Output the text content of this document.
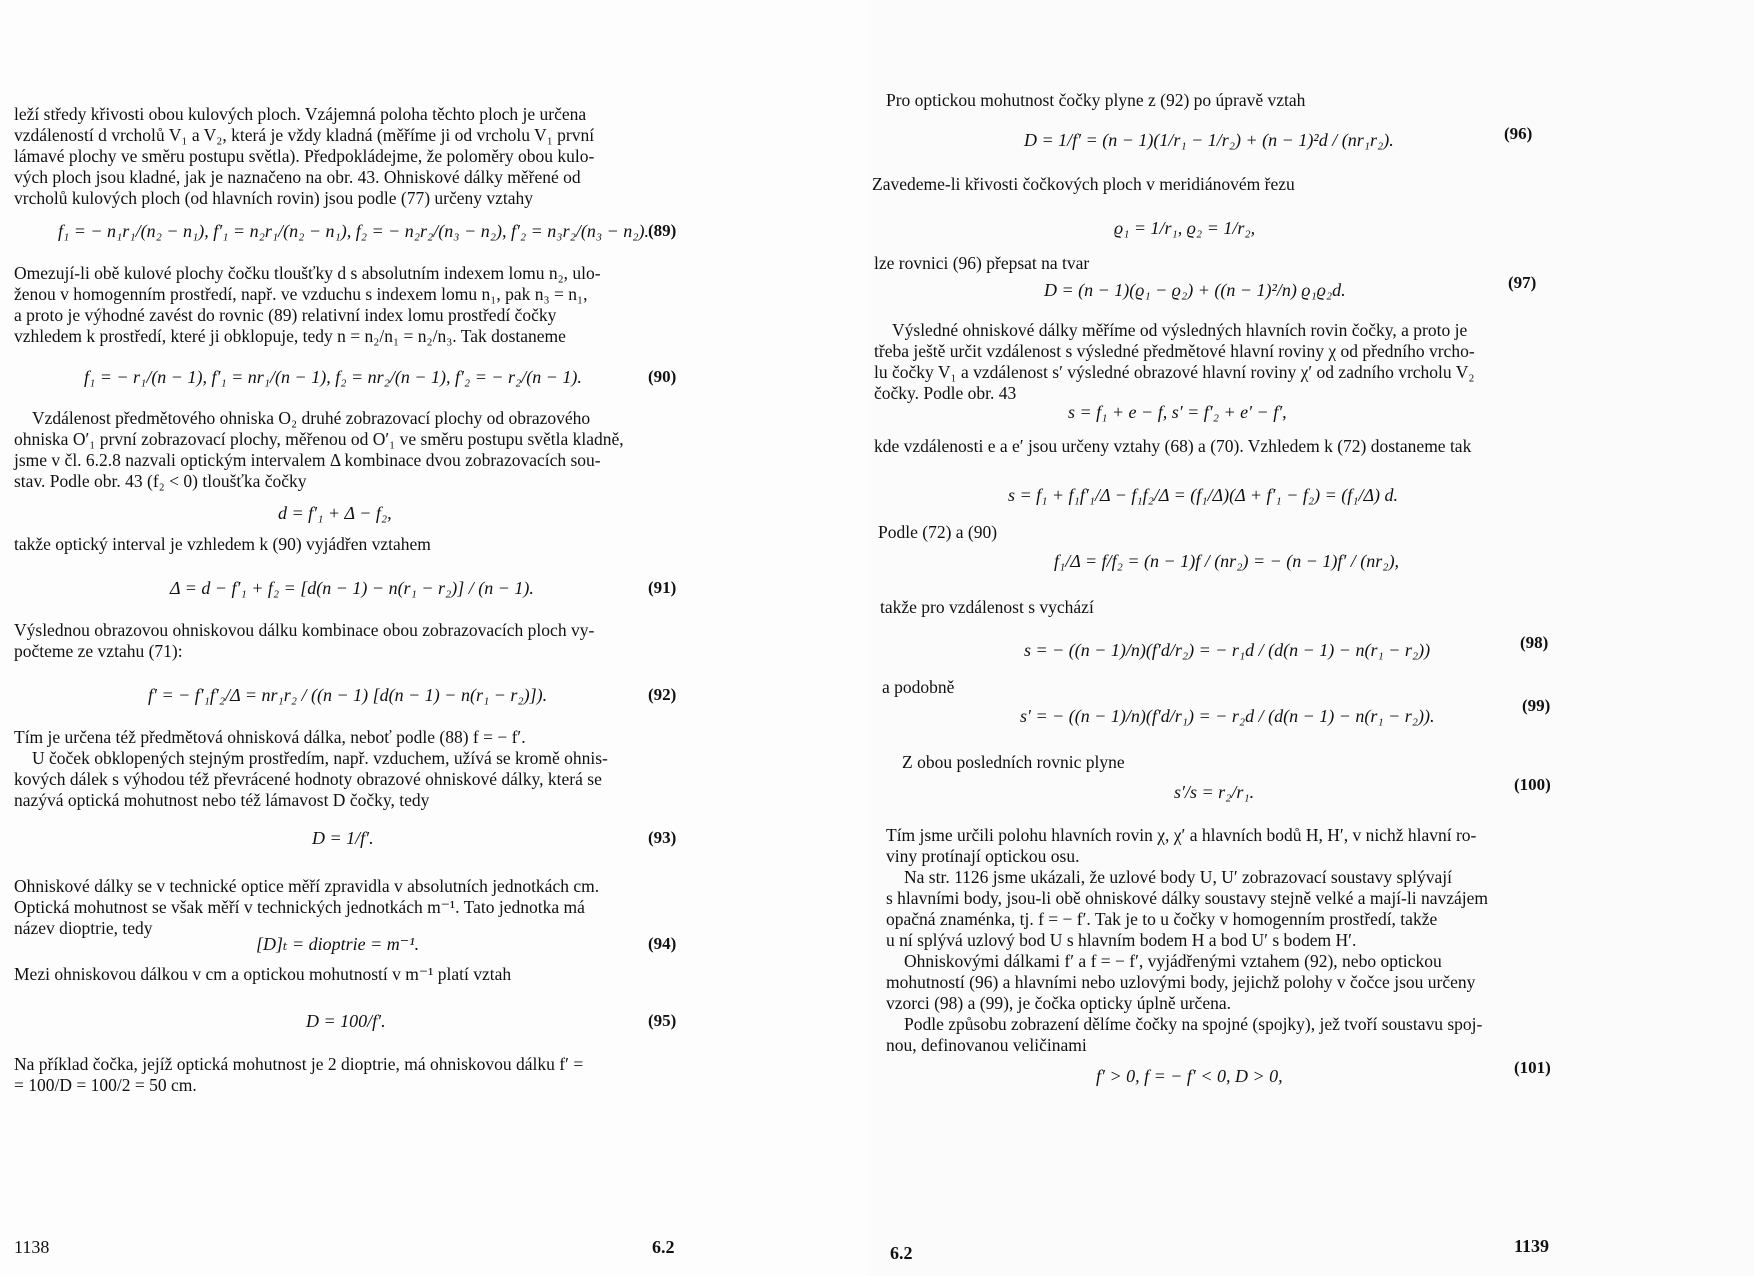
leží středy křivosti obou kulových ploch. Vzájemná poloha těchto ploch je určena
vzdáleností d vrcholů V₁ a V₂, která je vždy kladná (měříme ji od vrcholu V₁ první
lámavé plochy ve směru postupu světla). Předpokládejme, že poloměry obou kulo-
vých ploch jsou kladné, jak je naznačeno na obr. 43. Ohniskové dálky měřené od
vrcholů kulových ploch (od hlavních rovin) jsou podle (77) určeny vztahy
f₁ = − n₁r₁/(n₂ − n₁), f′₁ = n₂r₁/(n₂ − n₁), f₂ = − n₂r₂/(n₃ − n₂), f′₂ = n₃r₂/(n₃ − n₂). (89)
Omezují-li obě kulové plochy čočku tloušťky d s absolutním indexem lomu n₂, ulo-
ženou v homogenním prostředí, např. ve vzduchu s indexem lomu n₁, pak n₃ = n₁,
a proto je výhodné zavést do rovnic (89) relativní index lomu prostředí čočky
vzhledem k prostředí, které ji obklopuje, tedy n = n₂/n₁ = n₂/n₃. Tak dostaneme
f₁ = − r₁/(n − 1), f′₁ = nr₁/(n − 1), f₂ = nr₂/(n − 1), f′₂ = − r₂/(n − 1).	(90)
Vzdálenost předmětového ohniska O₂ druhé zobrazovací plochy od obrazového
ohniska O′₁ první zobrazovací plochy, měřenou od O′₁ ve směru postupu světla kladně,
jsme v čl. 6.2.8 nazvali optickým intervalem Δ kombinace dvou zobrazovacích sou-
stav. Podle obr. 43 (f₂ < 0) tloušťka čočky
d = f′₁ + Δ − f₂,
takže optický interval je vzhledem k (90) vyjádřen vztahem
Δ = d − f′₁ + f₂ = [d(n − 1) − n(r₁ − r₂)] / (n − 1).	(91)
Výslednou obrazovou ohniskovou dálku kombinace obou zobrazovacích ploch vy-
počteme ze vztahu (71):
f′ = − f′₁f′₂/Δ = nr₁r₂ / ((n − 1) [d(n − 1) − n(r₁ − r₂)]).	(92)
Tím je určena též předmětová ohnisková dálka, neboť podle (88) f = − f′.
U čoček obklopených stejným prostředím, např. vzduchem, užívá se kromě ohnis-
kových dálek s výhodou též převrácené hodnoty obrazové ohniskové dálky, která se
nazývá optická mohutnost nebo též lámavost D čočky, tedy
D = 1/f′.	(93)
Ohniskové dálky se v technické optice měří zpravidla v absolutních jednotkách cm.
Optická mohutnost se však měří v technických jednotkách m⁻¹. Tato jednotka má
název dioptrie, tedy
[D]ₜ = dioptrie = m⁻¹.	(94)
Mezi ohniskovou dálkou v cm a optickou mohutností v m⁻¹ platí vztah
D = 100/f′.	(95)
Na příklad čočka, jejíž optická mohutnost je 2 dioptrie, má ohniskovou dálku f′ =
= 100/D = 100/2 = 50 cm.
1138	6.2
Pro optickou mohutnost čočky plyne z (92) po úpravě vztah
D = 1/f′ = (n − 1)(1/r₁ − 1/r₂) + (n − 1)²d / (nr₁r₂).	(96)
Zavedeme-li křivosti čočkových ploch v meridiánovém řezu
ϱ₁ = 1/r₁, ϱ₂ = 1/r₂,
lze rovnici (96) přepsat na tvar
D = (n − 1)(ϱ₁ − ϱ₂) + ((n − 1)²/n) ϱ₁ϱ₂d.	(97)
Výsledné ohniskové dálky měříme od výsledných hlavních rovin čočky, a proto je
třeba ještě určit vzdálenost s výsledné předmětové hlavní roviny χ od předního vrcho-
lu čočky V₁ a vzdálenost s′ výsledné obrazové hlavní roviny χ′ od zadního vrcholu V₂
čočky. Podle obr. 43
s = f₁ + e − f, s′ = f′₂ + e′ − f′,
kde vzdálenosti e a e′ jsou určeny vztahy (68) a (70). Vzhledem k (72) dostaneme tak
s = f₁ + f₁f′₁/Δ − f₁f₂/Δ = (f₁/Δ)(Δ + f′₁ − f₂) = (f₁/Δ) d.
Podle (72) a (90)
f₁/Δ = f/f₂ = (n − 1)f / (nr₂) = − (n − 1)f′ / (nr₂),
takže pro vzdálenost s vychází
s = − ((n − 1)/n)(f′d/r₂) = − r₁d / (d(n − 1) − n(r₁ − r₂))	(98)
a podobně
s′ = − ((n − 1)/n)(f′d/r₁) = − r₂d / (d(n − 1) − n(r₁ − r₂)).
(99)
Z obou posledních rovnic plyne
s′/s = r₂/r₁.	(100)
Tím jsme určili polohu hlavních rovin χ, χ′ a hlavních bodů H, H′, v nichž hlavní ro-
viny protínají optickou osu.
Na str. 1126 jsme ukázali, že uzlové body U, U′ zobrazovací soustavy splývají
s hlavními body, jsou-li obě ohniskové dálky soustavy stejně velké a mají-li navzájem
opačná znaménka, tj. f = − f′. Tak je to u čočky v homogenním prostředí, takže
u ní splývá uzlový bod U s hlavním bodem H a bod U′ s bodem H′.
Ohniskovými dálkami f′ a f = − f′, vyjádřenými vztahem (92), nebo optickou
mohutností (96) a hlavními nebo uzlovými body, jejichž polohy v čočce jsou určeny
vzorci (98) a (99), je čočka opticky úplně určena.
Podle způsobu zobrazení dělíme čočky na spojné (spojky), jež tvoří soustavu spoj-
nou, definovanou veličinami
f′ > 0, f = − f′ < 0, D > 0,	(101)
6.2	1139
